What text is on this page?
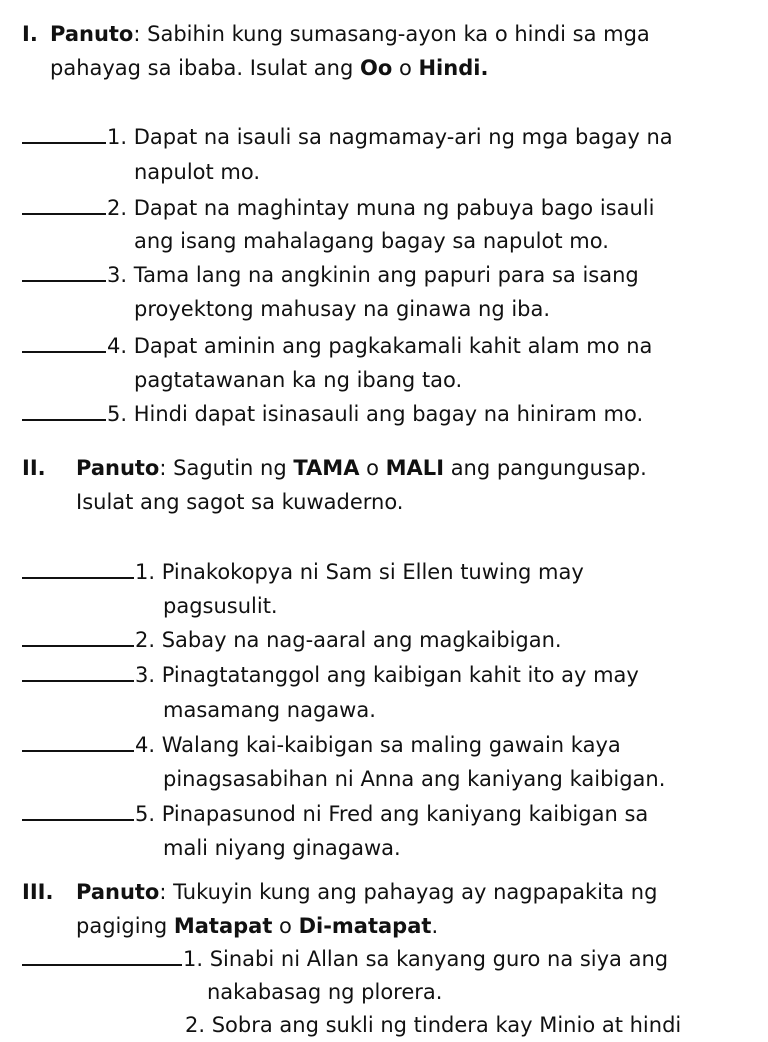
I. Panuto: Sabihin kung sumasang-ayon ka o hindi sa mga
pahayag sa ibaba. Isulat ang Oo o Hindi.
1. Dapat na isauli sa nagmamay-ari ng mga bagay na
napulot mo.
2. Dapat na maghintay muna ng pabuya bago isauli
ang isang mahalagang bagay sa napulot mo.
3. Tama lang na angkinin ang papuri para sa isang
proyektong mahusay na ginawa ng iba.
4. Dapat aminin ang pagkakamali kahit alam mo na
pagtatawanan ka ng ibang tao.
5. Hindi dapat isinasauli ang bagay na hiniram mo.
II. Panuto: Sagutin ng TAMA o MALI ang pangungusap.
Isulat ang sagot sa kuwaderno.
1. Pinakokopya ni Sam si Ellen tuwing may
pagsusulit.
2. Sabay na nag-aaral ang magkaibigan.
3. Pinagtatanggol ang kaibigan kahit ito ay may
masamang nagawa.
4. Walang kai-kaibigan sa maling gawain kaya
pinagsasabihan ni Anna ang kaniyang kaibigan.
5. Pinapasunod ni Fred ang kaniyang kaibigan sa
mali niyang ginagawa.
III. Panuto: Tukuyin kung ang pahayag ay nagpapakita ng
pagiging Matapat o Di-matapat.
1. Sinabi ni Allan sa kanyang guro na siya ang
nakabasag ng plorera.
2. Sobra ang sukli ng tindera kay Minio at hindi
